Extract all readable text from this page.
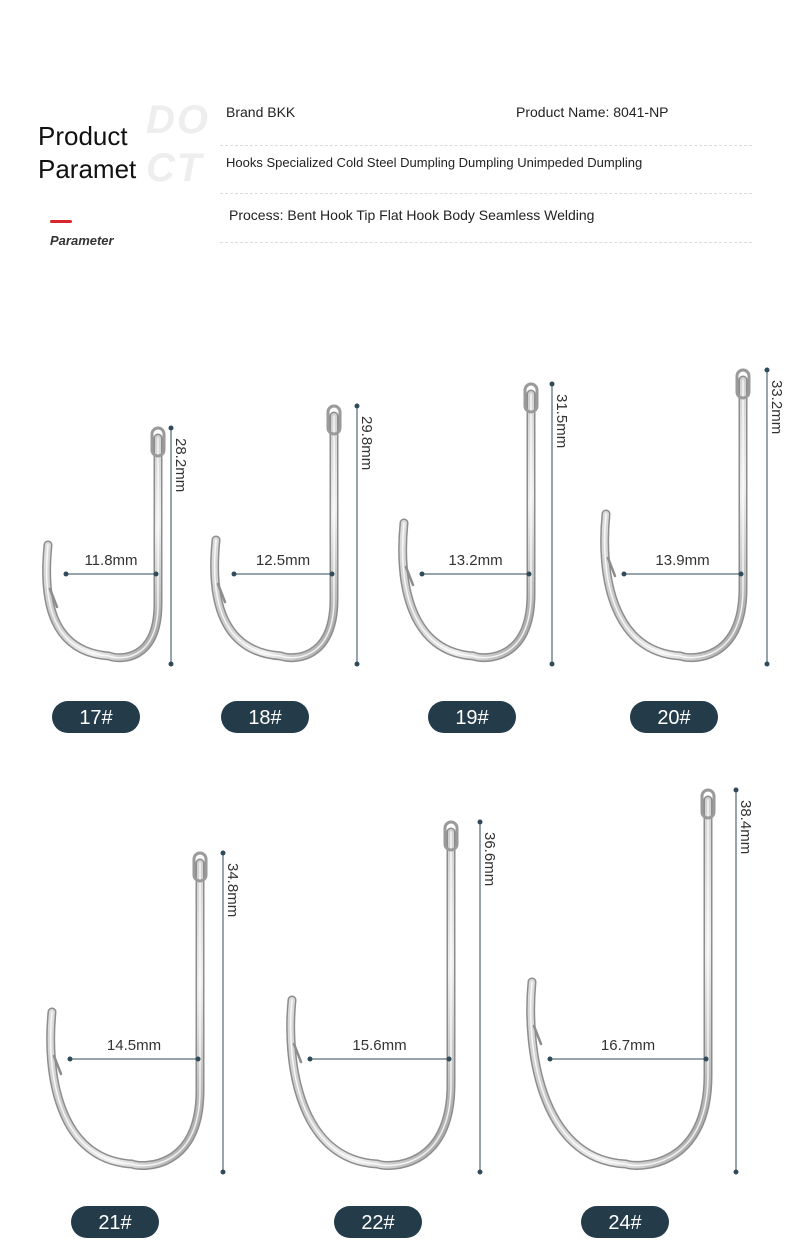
Product
Paramet
DO
CT
Parameter
Brand BKK	Product Name: 8041-NP
Hooks Specialized Cold Steel Dumpling Dumpling Unimpeded Dumpling
Process: Bent Hook Tip Flat Hook Body Seamless Welding
11.8mm
28.2mm
17#
12.5mm
29.8mm
18#
13.2mm
31.5mm
19#
13.9mm
33.2mm
20#
14.5mm
34.8mm
21#
15.6mm
36.6mm
22#
16.7mm
38.4mm
24#
